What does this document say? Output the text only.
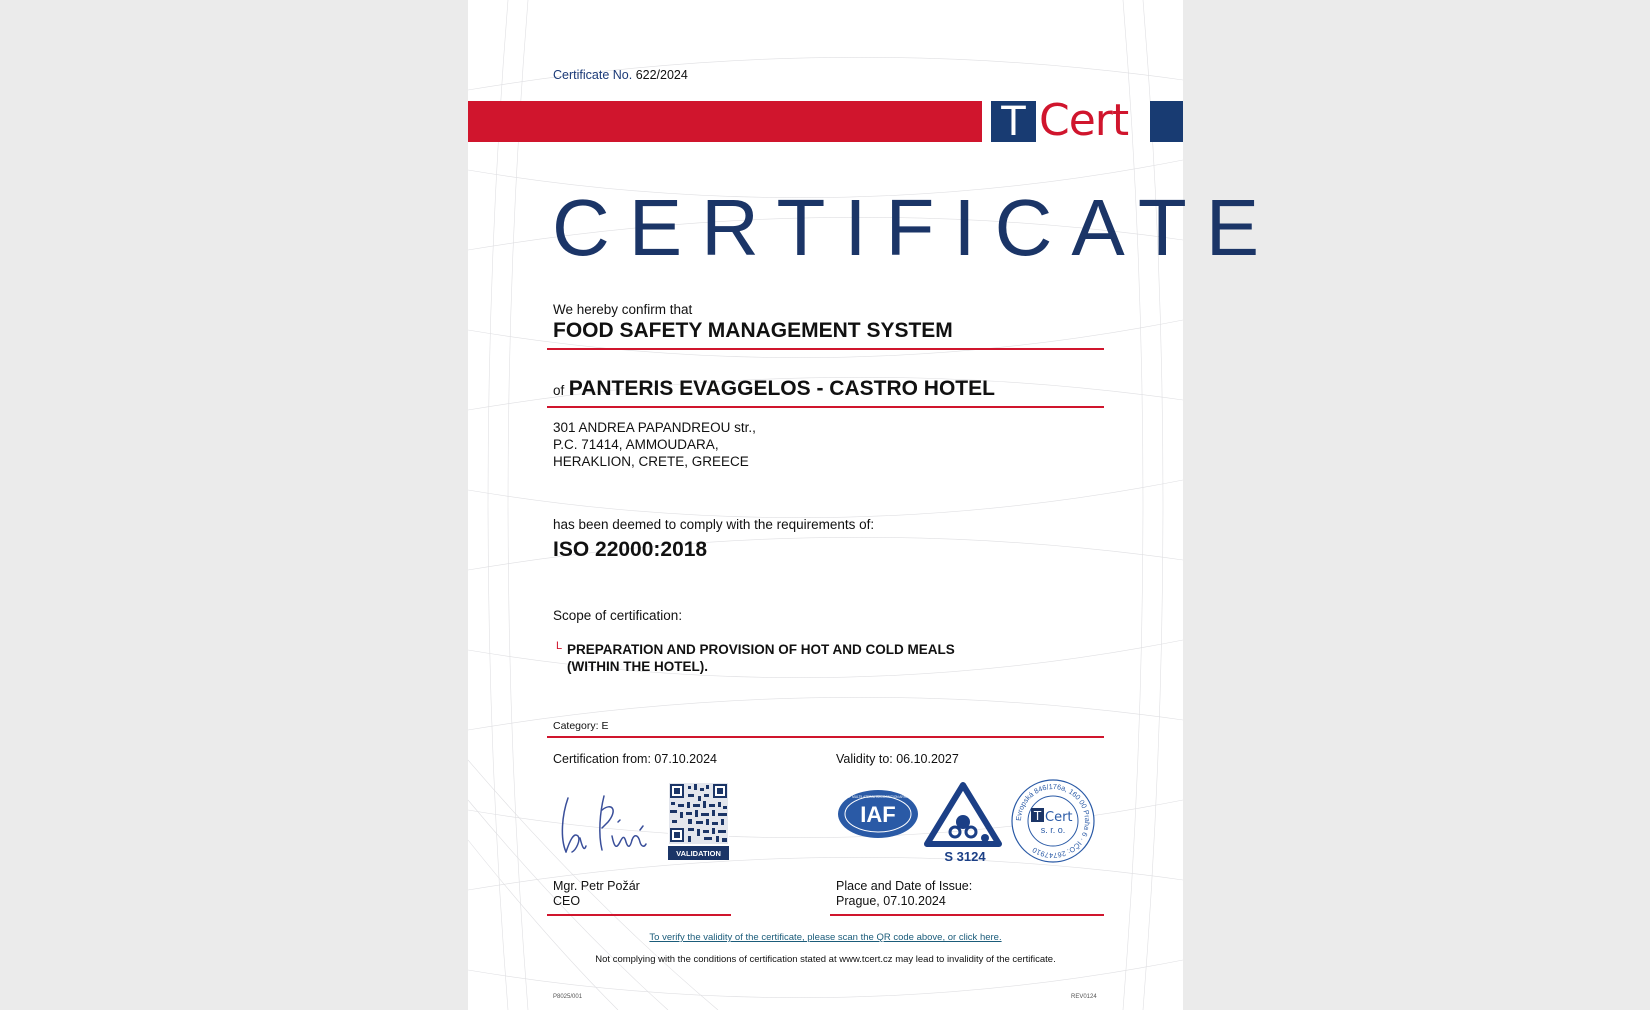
Certificate No. 622/2024
T Cert
CERTIFICATE
We hereby confirm that
FOOD SAFETY MANAGEMENT SYSTEM
of PANTERIS EVAGGELOS - CASTRO HOTEL
301 ANDREA PAPANDREOU str.,
P.C. 71414, AMMOUDARA,
HERAKLION, CRETE, GREECE
has been deemed to comply with the requirements of:
ISO 22000:2018
Scope of certification:
L PREPARATION AND PROVISION OF HOT AND COLD MEALS
(WITHIN THE HOTEL).
Category: E
Certification from: 07.10.2024	Validity to: 06.10.2027
VALIDATION
IAF
MEMBER OF MULTILATERAL RECOGNITION ARRANGEMENT
S 3124
Evropská 846/176a, 160 00 Praha 6 · IČO: 26747910
T Cert
s. r. o.
Mgr. Petr Požár
CEO
Place and Date of Issue:
Prague, 07.10.2024
To verify the validity of the certificate, please scan the QR code above, or click here.
Not complying with the conditions of certification stated at www.tcert.cz may lead to invalidity of the certificate.
P8025/001	REV0124
